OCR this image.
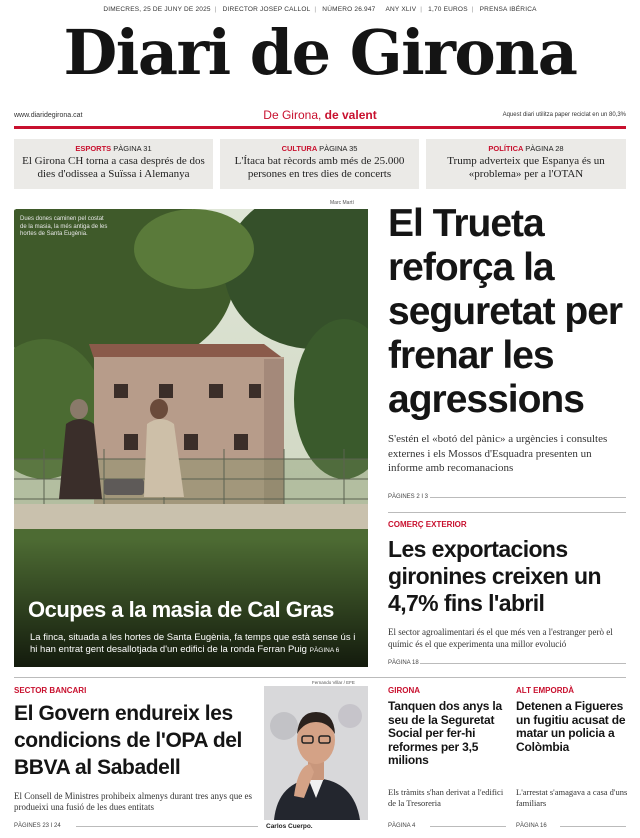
DIMECRES, 25 DE JUNY DE 2025 | DIRECTOR JOSEP CALLOL | NÚMERO 26.947 ANY XLIV | 1,70 EUROS | PRENSA IBÉRICA
Diari de Girona
www.diaridegirona.cat	De Girona, de valent	Aquest diari utilitza paper reciclat en un 80,3%
ESPORTS PÀGINA 31
El Girona CH torna a casa després de dos dies d'odissea a Suïssa i Alemanya
CULTURA PÀGINA 35
L'Ítaca bat rècords amb més de 25.000 persones en tres dies de concerts
POLÍTICA PÀGINA 28
Trump adverteix que Espanya és un «problema» per a l'OTAN
Marc Martí
Dues dones caminen pel costat de la masia, la més antiga de les hortes de Santa Eugènia.
Ocupes a la masia de Cal Gras
La finca, situada a les hortes de Santa Eugènia, fa temps que està sense ús i hi han entrat gent desallotjada d'un edifici de la ronda Ferran Puig PÀGINA 6
El Trueta reforça la seguretat per frenar les agressions
S'estén el «botó del pànic» a urgències i consultes externes i els Mossos d'Esquadra presenten un informe amb recomanacions
PÀGINES 2 I 3
COMERÇ EXTERIOR
Les exportacions gironines creixen un 4,7% fins l'abril
El sector agroalimentari és el que més ven a l'estranger però el químic és el que experimenta una millor evolució
PÀGINA 18
SECTOR BANCARI
El Govern endureix les condicions de l'OPA del BBVA al Sabadell
El Consell de Ministres prohibeix almenys durant tres anys que es produeixi una fusió de les dues entitats
PÀGINES 23 I 24
Fernando Villar / EFE
Carlos Cuerpo.
GIRONA
Tanquen dos anys la seu de la Seguretat Social per fer-hi reformes per 3,5 milions
Els tràmits s'han derivat a l'edifici de la Tresoreria
PÀGINA 4
ALT EMPORDÀ
Detenen a Figueres un fugitiu acusat de matar un policia a Colòmbia
L'arrestat s'amagava a casa d'uns familiars
PÀGINA 16
